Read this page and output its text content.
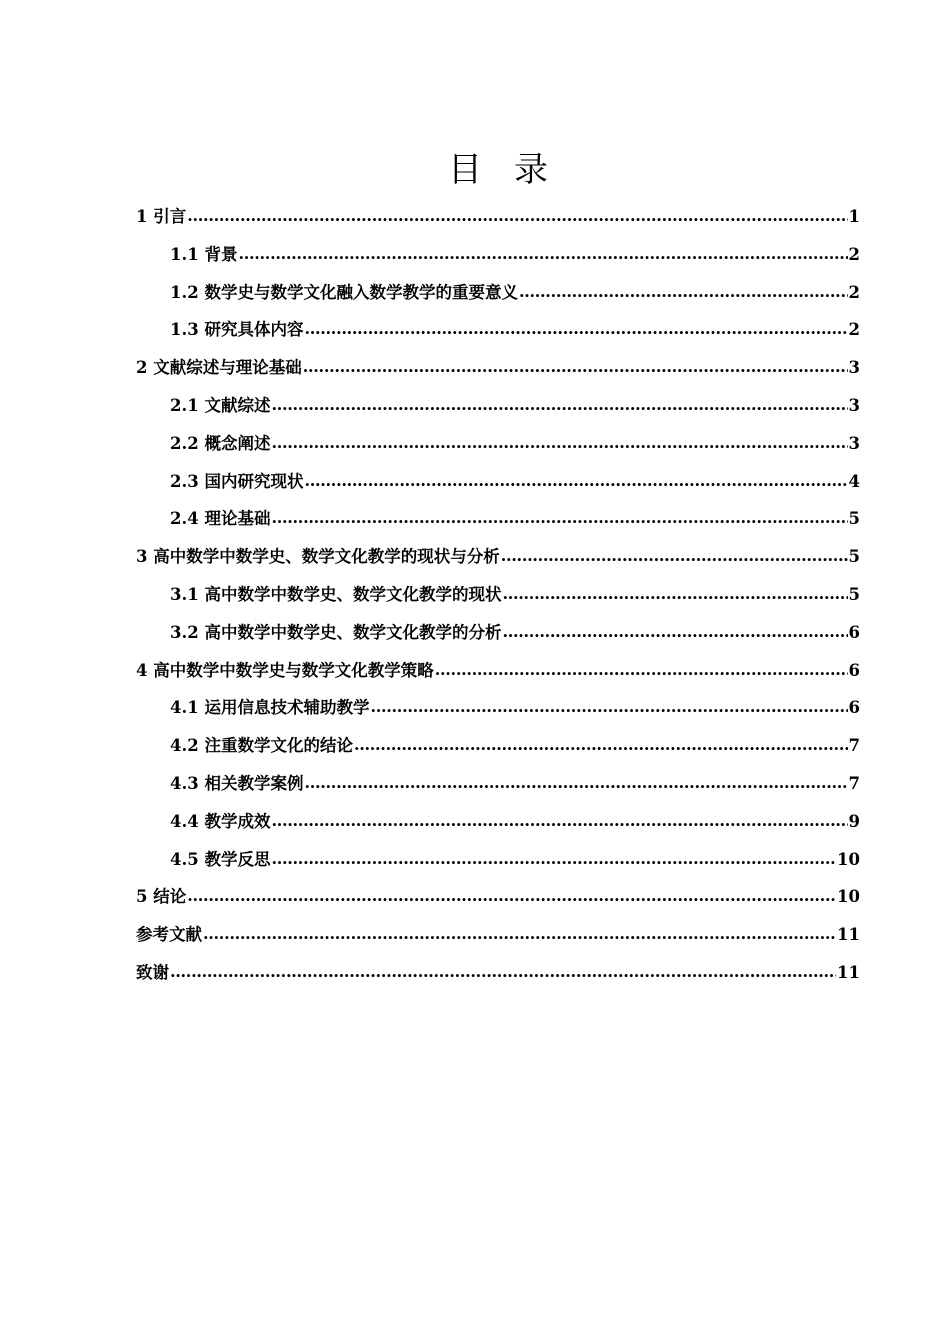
目 录
1 引言 .....	1
1.1 背景 .....	2
1.2 数学史与数学文化融入数学教学的重要意义 .....	2
1.3 研究具体内容 .....	2
2 文献综述与理论基础 .....	3
2.1 文献综述 .....	3
2.2 概念阐述 .....	3
2.3 国内研究现状 .....	4
2.4 理论基础 .....	5
3 高中数学中数学史、数学文化教学的现状与分析 .....	5
3.1 高中数学中数学史、数学文化教学的现状 .....	5
3.2 高中数学中数学史、数学文化教学的分析 .....	6
4 高中数学中数学史与数学文化教学策略 .....	6
4.1 运用信息技术辅助教学 .....	6
4.2 注重数学文化的结论 .....	7
4.3 相关教学案例 .....	7
4.4 教学成效 .....	9
4.5 教学反思 .....	10
5 结论 .....	10
参考文献 .....	11
致谢 .....	11
